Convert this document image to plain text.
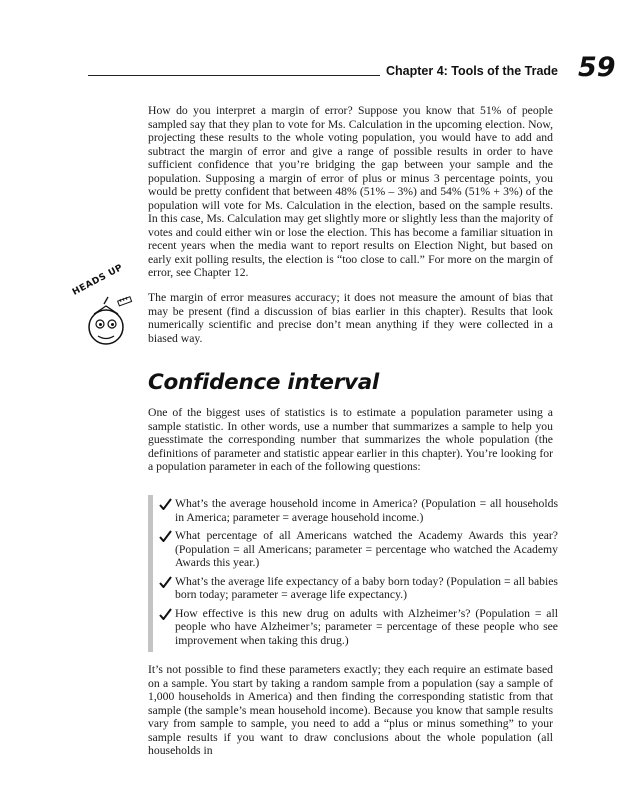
Chapter 4: Tools of the Trade 59

How do you interpret a margin of error? Suppose you know that 51% of people sampled say that they plan to vote for Ms. Calculation in the upcoming election. Now, projecting these results to the whole voting population, you would have to add and subtract the margin of error and give a range of possible results in order to have sufficient confidence that you’re bridging the gap between your sample and the population. Supposing a margin of error of plus or minus 3 percentage points, you would be pretty confident that between 48% (51% – 3%) and 54% (51% + 3%) of the population will vote for Ms. Calculation in the election, based on the sample results. In this case, Ms. Calculation may get slightly more or slightly less than the majority of votes and could either win or lose the election. This has become a familiar situation in recent years when the media want to report results on Election Night, but based on early exit polling results, the election is “too close to call.” For more on the margin of error, see Chapter 12.

HEADS UP The margin of error measures accuracy; it does not measure the amount of bias that may be present (find a discussion of bias earlier in this chapter). Results that look numerically scientific and precise don’t mean anything if they were collected in a biased way.

Confidence interval

One of the biggest uses of statistics is to estimate a population parameter using a sample statistic. In other words, use a number that summarizes a sample to help you guesstimate the corresponding number that summarizes the whole population (the definitions of parameter and statistic appear earlier in this chapter). You’re looking for a population parameter in each of the following questions:

What’s the average household income in America? (Population = all households in America; parameter = average household income.)
What percentage of all Americans watched the Academy Awards this year? (Population = all Americans; parameter = percentage who watched the Academy Awards this year.)
What’s the average life expectancy of a baby born today? (Population = all babies born today; parameter = average life expectancy.)
How effective is this new drug on adults with Alzheimer’s? (Population = all people who have Alzheimer’s; parameter = percentage of these people who see improvement when taking this drug.)

It’s not possible to find these parameters exactly; they each require an estimate based on a sample. You start by taking a random sample from a population (say a sample of 1,000 households in America) and then finding the corresponding statistic from that sample (the sample’s mean household income). Because you know that sample results vary from sample to sample, you need to add a “plus or minus something” to your sample results if you want to draw conclusions about the whole population (all households in
